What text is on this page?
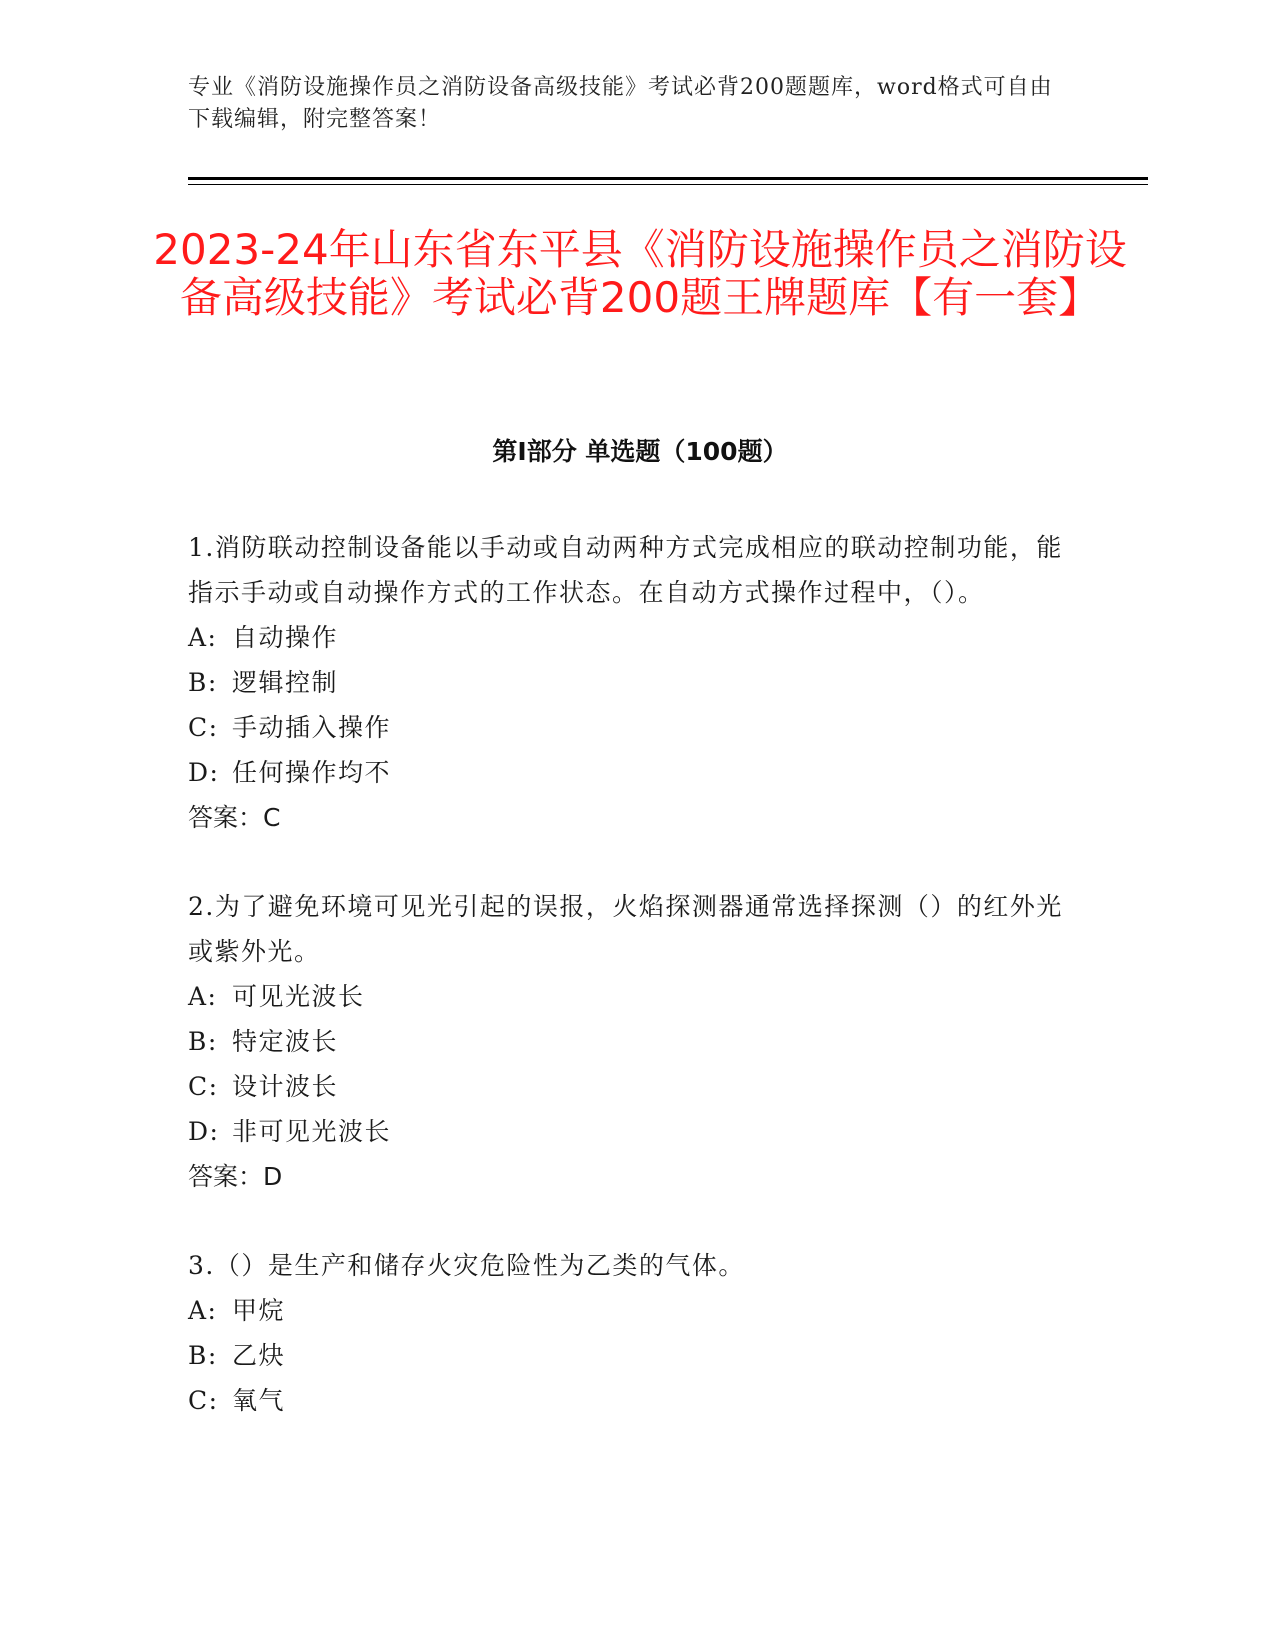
专业《消防设施操作员之消防设备高级技能》考试必背200题题库，word格式可自由下载编辑，附完整答案！
2023-24年山东省东平县《消防设施操作员之消防设备高级技能》考试必背200题王牌题库【有一套】
第I部分 单选题（100题）

1.消防联动控制设备能以手动或自动两种方式完成相应的联动控制功能，能指示手动或自动操作方式的工作状态。在自动方式操作过程中，（）。

A: 自动操作

B: 逻辑控制

C: 手动插入操作

D: 任何操作均不

答案：C

2.为了避免环境可见光引起的误报，火焰探测器通常选择探测（）的红外光或紫外光。

A: 可见光波长

B: 特定波长

C: 设计波长

D: 非可见光波长

答案：D

3.（）是生产和储存火灾危险性为乙类的气体。

A: 甲烷

B: 乙炔

C: 氧气
